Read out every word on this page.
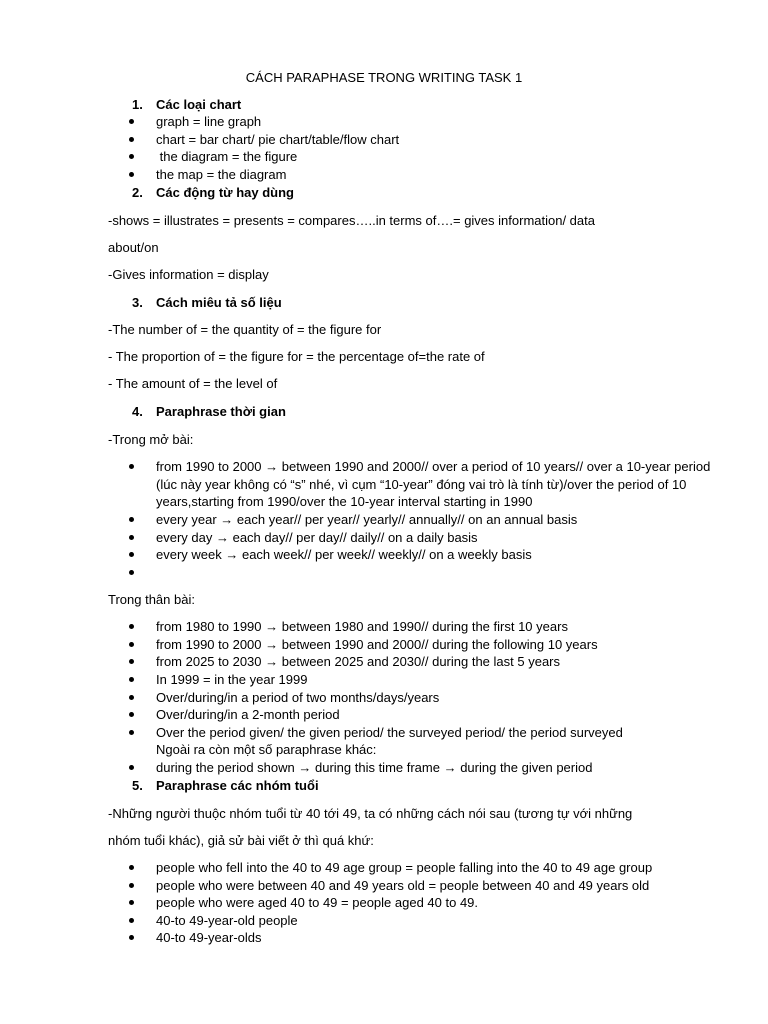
CÁCH PARAPHASE TRONG WRITING TASK 1
1. Các loại chart
graph = line graph
chart = bar chart/ pie chart/table/flow chart
the diagram = the figure
the map = the diagram
2. Các động từ hay dùng
-shows = illustrates = presents = compares…..in terms of….= gives information/ data
about/on
-Gives information = display
3. Cách miêu tả số liệu
-The number of = the quantity of = the figure for
- The proportion of = the figure for = the percentage of=the rate of
- The amount of = the level of
4. Paraphrase thời gian
-Trong mở bài:
from 1990 to 2000 → between 1990 and 2000// over a period of 10 years// over a 10-year period
(lúc này year không có “s” nhé, vì cụm “10-year” đóng vai trò là tính từ)/over the period of 10
years,starting from 1990/over the 10-year interval starting in 1990
every year → each year// per year// yearly// annually// on an annual basis
every day → each day// per day// daily// on a daily basis
every week → each week// per week// weekly// on a weekly basis
Trong thân bài:
from 1980 to 1990 → between 1980 and 1990// during the first 10 years
from 1990 to 2000 → between 1990 and 2000// during the following 10 years
from 2025 to 2030 → between 2025 and 2030// during the last 5 years
In 1999 = in the year 1999
Over/during/in a period of two months/days/years
Over/during/in a 2-month period
Over the period given/ the given period/ the surveyed period/ the period surveyed
Ngoài ra còn một số paraphrase khác:
during the period shown → during this time frame → during the given period
5. Paraphrase các nhóm tuổi
-Những người thuộc nhóm tuổi từ 40 tới 49, ta có những cách nói sau (tương tự với những
nhóm tuổi khác), giả sử bài viết ở thì quá khứ:
people who fell into the 40 to 49 age group = people falling into the 40 to 49 age group
people who were between 40 and 49 years old = people between 40 and 49 years old
people who were aged 40 to 49 = people aged 40 to 49.
40-to 49-year-old people
40-to 49-year-olds
